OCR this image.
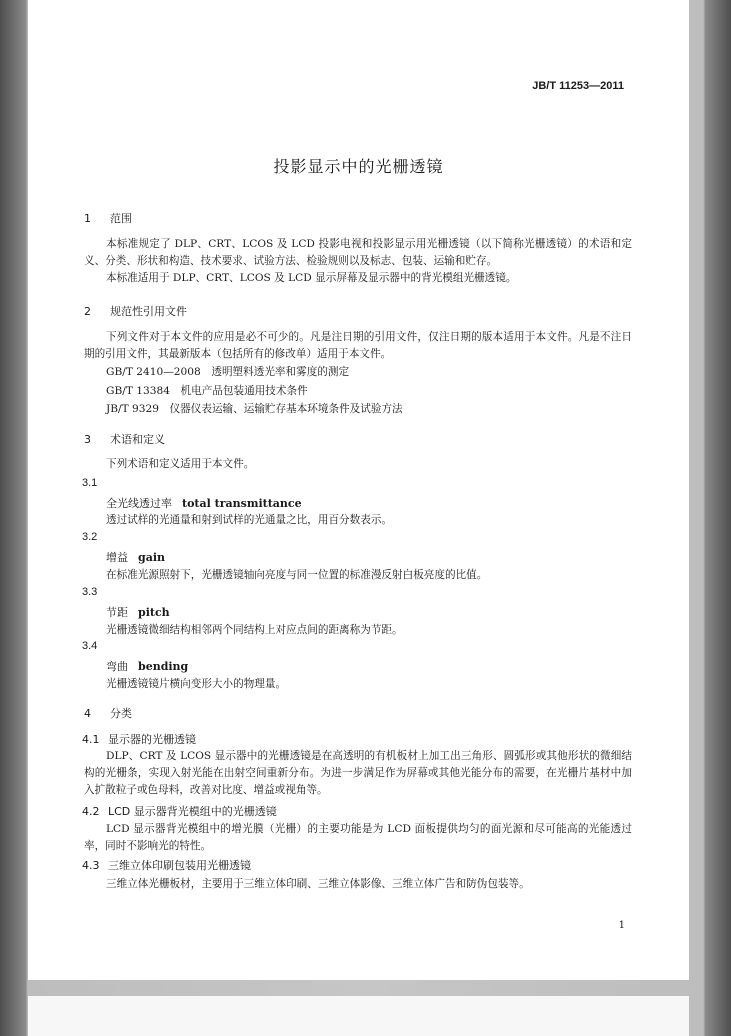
JB/T 11253—2011
投影显示中的光栅透镜
1 范围
本标准规定了 DLP、CRT、LCOS 及 LCD 投影电视和投影显示用光栅透镜（以下简称光栅透镜）的术语和定义、分类、形状和构造、技术要求、试验方法、检验规则以及标志、包装、运输和贮存。
本标准适用于 DLP、CRT、LCOS 及 LCD 显示屏幕及显示器中的背光模组光栅透镜。
2 规范性引用文件
下列文件对于本文件的应用是必不可少的。凡是注日期的引用文件，仅注日期的版本适用于本文件。凡是不注日期的引用文件，其最新版本（包括所有的修改单）适用于本文件。
GB/T 2410—2008　透明塑料透光率和雾度的测定
GB/T 13384　机电产品包装通用技术条件
JB/T 9329　仪器仪表运输、运输贮存基本环境条件及试验方法
3 术语和定义
下列术语和定义适用于本文件。
3.1
全光线透过率 total transmittance
透过试样的光通量和射到试样的光通量之比，用百分数表示。
3.2
增益 gain
在标准光源照射下，光栅透镜轴向亮度与同一位置的标准漫反射白板亮度的比值。
3.3
节距 pitch
光栅透镜微细结构相邻两个同结构上对应点间的距离称为节距。
3.4
弯曲 bending
光栅透镜镜片横向变形大小的物理量。
4 分类
4.1 显示器的光栅透镜
DLP、CRT 及 LCOS 显示器中的光栅透镜是在高透明的有机板材上加工出三角形、圆弧形或其他形状的微细结构的光栅条，实现入射光能在出射空间重新分布。为进一步满足作为屏幕或其他光能分布的需要，在光栅片基材中加入扩散粒子或色母料，改善对比度、增益或视角等。
4.2 LCD 显示器背光模组中的光栅透镜
LCD 显示器背光模组中的增光膜（光栅）的主要功能是为 LCD 面板提供均匀的面光源和尽可能高的光能透过率，同时不影响光的特性。
4.3 三维立体印刷包装用光栅透镜
三维立体光栅板材，主要用于三维立体印刷、三维立体影像、三维立体广告和防伪包装等。
1
